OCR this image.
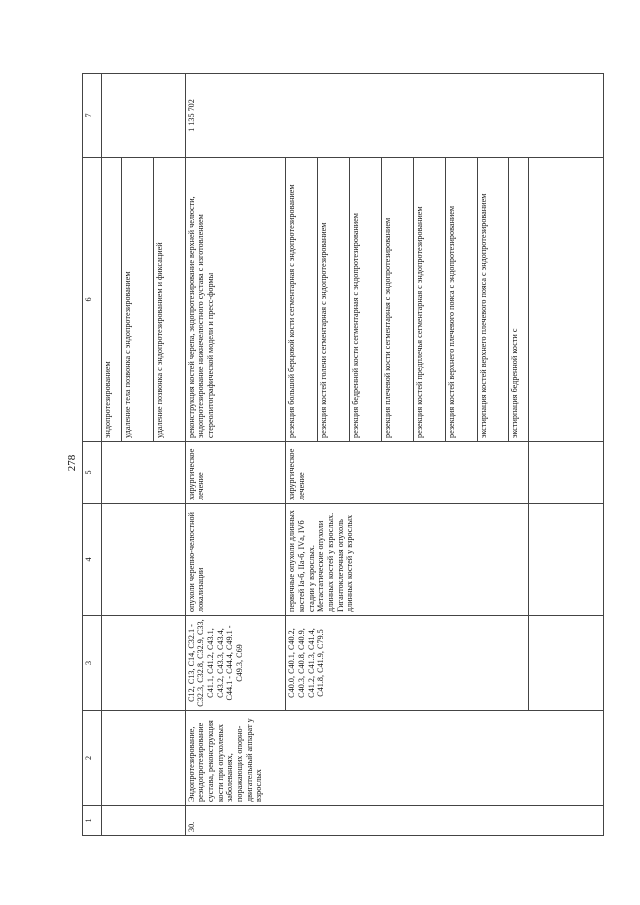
278
1	2	3	4	5	6	7
					эндопротезированием	
					удаление тела позвонка с эндопротезированием	
					удаление позвонка с эндопротезированием и фиксацией	
30.	Эндопротезирование, реэндопротезирование сустава, реконструкция кости при опухолевых заболеваниях, поражающих опорно-двигательный аппарат у взрослых	C12, C13, C14, C32.1 - C32.3, C32.8, C32.9, C33, C41.1, C41.2, C43.1, C43.2, C43.3, C43.4, C44.1 - C44.4, C49.1 - C49.3, C69	опухоли черепно-челюстной локализации	хирургическое лечение	реконструкция костей черепа, эндопротезирование верхней челюсти, эндопротезирование нижнечелюстного сустава с изготовлением стереолитографической модели и пресс-формы	1 135 702
		C40.0, C40.1, C40.2, C40.3, C40.8, C40.9, C41.2, C41.3, C41.4, C41.8, C41.9, C79.5	первичные опухоли длинных костей Iа-б, IIа-б, IVа, IVб стадии у взрослых. Метастатические опухоли длинных костей у взрослых. Гигантоклеточная опухоль длинных костей у взрослых	хирургическое лечение	резекция большой берцовой кости сегментарная с эндопротезированием	
					резекция костей голени сегментарная с эндопротезированием	
					резекция бедренной кости сегментарная с эндопротезированием	
					резекция плечевой кости сегментарная с эндопротезированием	
					резекция костей предплечья сегментарная с эндопротезированием	
					резекция костей верхнего плечевого пояса с эндопротезированием	
					экстирпация костей верхнего плечевого пояса с эндопротезированием	
					экстирпация бедренной кости с	
